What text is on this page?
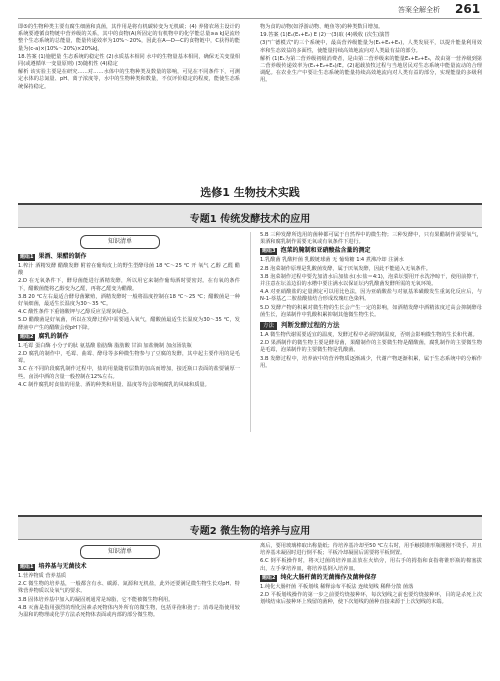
答案全解全析 261

即⑤的生物种类主要有腐生细菌和真菌，其作用是将有机碳转变为无机碳；(4) 养猪农场主设计的系统要遵循食物链中营养级的关系，其中的食物(A)所固定的有机物中的化学能总量≥a kJ是流经整个生态系统的总能量，能量传递效率为10%～20%，因此在A—D—C的食物链中，C获得的能量为(c-a)×(10%～20%)×20%kJ。

18.答案 (1)施肥量 生态系统的稳定性 (2)水质基本相同 水中的生物量基本相同，确保无关变量相同(或遵循单一变量原则) (3)随机性 (4)稳定

解析 该实验主要是在研究……对……水体中的生物种类及数量的影响，可见在不同条件下，可测定水体的总氮量、pH、离子浓度等，水中的生物种类和数量，不仅评价稳定的程度，能使生态系统保持稳定。

物为食的动物(如浮游动物、鲢鱼等)的种类数目增加。

19.答案 (1)E₁(E₁+E₂) E (2)一(3)取 (4)吸收 (次生)演替

(3)"广德模式"的三个系统中，最高营养级能量为(E₁+E₂+E₃)，人类发展平，以提升能量利用效率和生态效益的多面性，使能量持续高效地流向对人类最有益的部分。

解析 (1)E₁为第二营养级初级消费者，是由第二营养级来的能量E₁+E₂+E₃，故由第一营养级到第二营养级传递效率为(E₁+E₂+E₃)/E。(2)超载放牧过程与当地居民对生态系统中能量流动的合理调配。在农业生产中要让生态系统的能量持续高效地流向对人类有益的部分，实现能量的多级利用。

选修1 生物技术实践
专题1 传统发酵技术的应用
知识清单
题组1 果酒、果醋的制作

1.榨汁 酒精发酵 醋酸发酵 附着在葡萄皮上的野生型酵母菌 18 ℃～25 ℃ 开 氧气 乙醇 乙醛 醋酸

2.D 在无氧条件下，酵母菌能进行酒精发酵，所以用它来制作葡萄酒时要密封。在有氧的条件下，醋酸菌能将乙醇变为乙醛，再将乙醛变为醋酸。

3.B 20 ℃左右最适合酵母菌繁殖，酒精发酵时一般将温度控制在18 ℃～25 ℃；醋酸菌是一种好氧细菌，最适生长温度为30～35 ℃。

4.C 酸性条件下重铬酸钾与乙醇反应呈现灰绿色。

5.D 醋酸菌是好氧菌，所以在发酵过程中需要通入氧气，醋酸菌最适生长温度为30～35 ℃，发酵液中产生的醋酸会使pH下降。

题组2 腐乳的制作

1.毛霉 蛋白酶 小分子的肽 氨基酸 脂肪酶 脂肪酸 甘油 加盐腌制 加卤汤装瓶

2.D 腐乳的制作中，毛霉、曲霉、酵母等多种微生物参与了豆腐的发酵，其中起主要作用的是毛霉。

3.C 在不同阶段腐乳制作过程中，盐的用量随着层数的加高而增加，接近瓶口表面的盐要铺厚一些。卤汤中酒的含量一般控制在12%左右。

4.C 制作腐乳时食盐的用量、酒的种类和用量、温度等均会影响腐乳的风味和质量。

5.B 三种发酵所选用的菌种都可属于自然界中的微生物；三种发酵中，只有果醋制作需要氧气，果酒和腐乳制作需要无氧或有氧条件下进行。

题组3 泡菜的腌制和亚硝酸盐含量的测定

1.乳酸菌 乳酸杆菌 乳酸链球菌 无 葡萄糖 1∶4 煮沸冷却 注满水

2.B 泡菜制作原理是乳酸菌发酵，属于厌氧发酵，因此不能通入无氧条件。

3.B 泡菜制作过程中要先加清水后加盐水(水∶盐＝4∶1)，泡菜坛要用开水洗净晾干，使用前擦干，并注意在坛盖边沿的水槽中要注满水以保证坛内乳酸菌发酵所需的无氧环境。

4.A 对亚硝酸盐的定量测定可以用比色法，因为亚硝酸盐与对氨基苯磺酸发生重氮化反应后，与N-1-萘基乙二胺盐酸盐结合形成玫瑰红色染料。

5.D 发酵产物的积累对微生物的生长会产生一定的影响，如酒精发酵中酒精浓度过高会抑制酵母菌生长，泡菜制作中乳酸积累抑制其他微生物生长。

方法	判断发酵过程的方法

1.A 微生物代谢需要适宜的温度，发酵过程中必须控制温度，否则会影响微生物的生长和代谢。

2.D 果酒制作的微生物主要是酵母菌，果醋制作的主要微生物是醋酸菌，腐乳制作的主要微生物是毛霉，泡菜制作的主要微生物是乳酸菌。

3.B 发酵过程中，培养液中的营养物质逐渐减少，代谢产物逐渐积累，属于生态系统中的分解作用。

专题2 微生物的培养与应用
知识清单
题组1 培养基与无菌技术

1.营养物质 营养基质

2.C 微生物的培养基，一般都含有水、碳源、氮源和无机盐，此外还要满足微生物生长对pH、特殊营养物质以及氧气的要求。

3.B 固体培养基中加入的凝固剂通常是琼脂，它不能被微生物利用。

4.B 灭菌是指用强烈的理化因素杀死物体内外所有的微生物，包括芽孢和孢子；消毒是指使用较为温和的物理或化学方法杀死物体表面或内部的部分微生物。

离后，要用玻璃棒取出称量纸；待培养基冷却至50 ℃左右时，用手触摸锥形瓶刚刚不烫手，并且培养基未凝固时进行倒平板；平板冷却凝固后需要将平板倒置。

6.C 倒平板操作时，将灭过菌的培养皿盖放在火焰旁，用右手的拇指和食指将锥形瓶的棉塞拔出，左手拿培养皿，将培养基倒入培养皿。

题组2 纯化大肠杆菌的无菌操作及菌种保存

1.纯化大肠杆菌 平板划线 稀释涂布平板法 连续划线 稀释分散 菌落

2.D 平板划线操作的第一步之前要灼烧接种环，每次划线之前也要灼烧接种环，目的是杀死上次划线结束后接种环上残留的菌种，使下次划线的菌种直接来源于上次划线的末端。
